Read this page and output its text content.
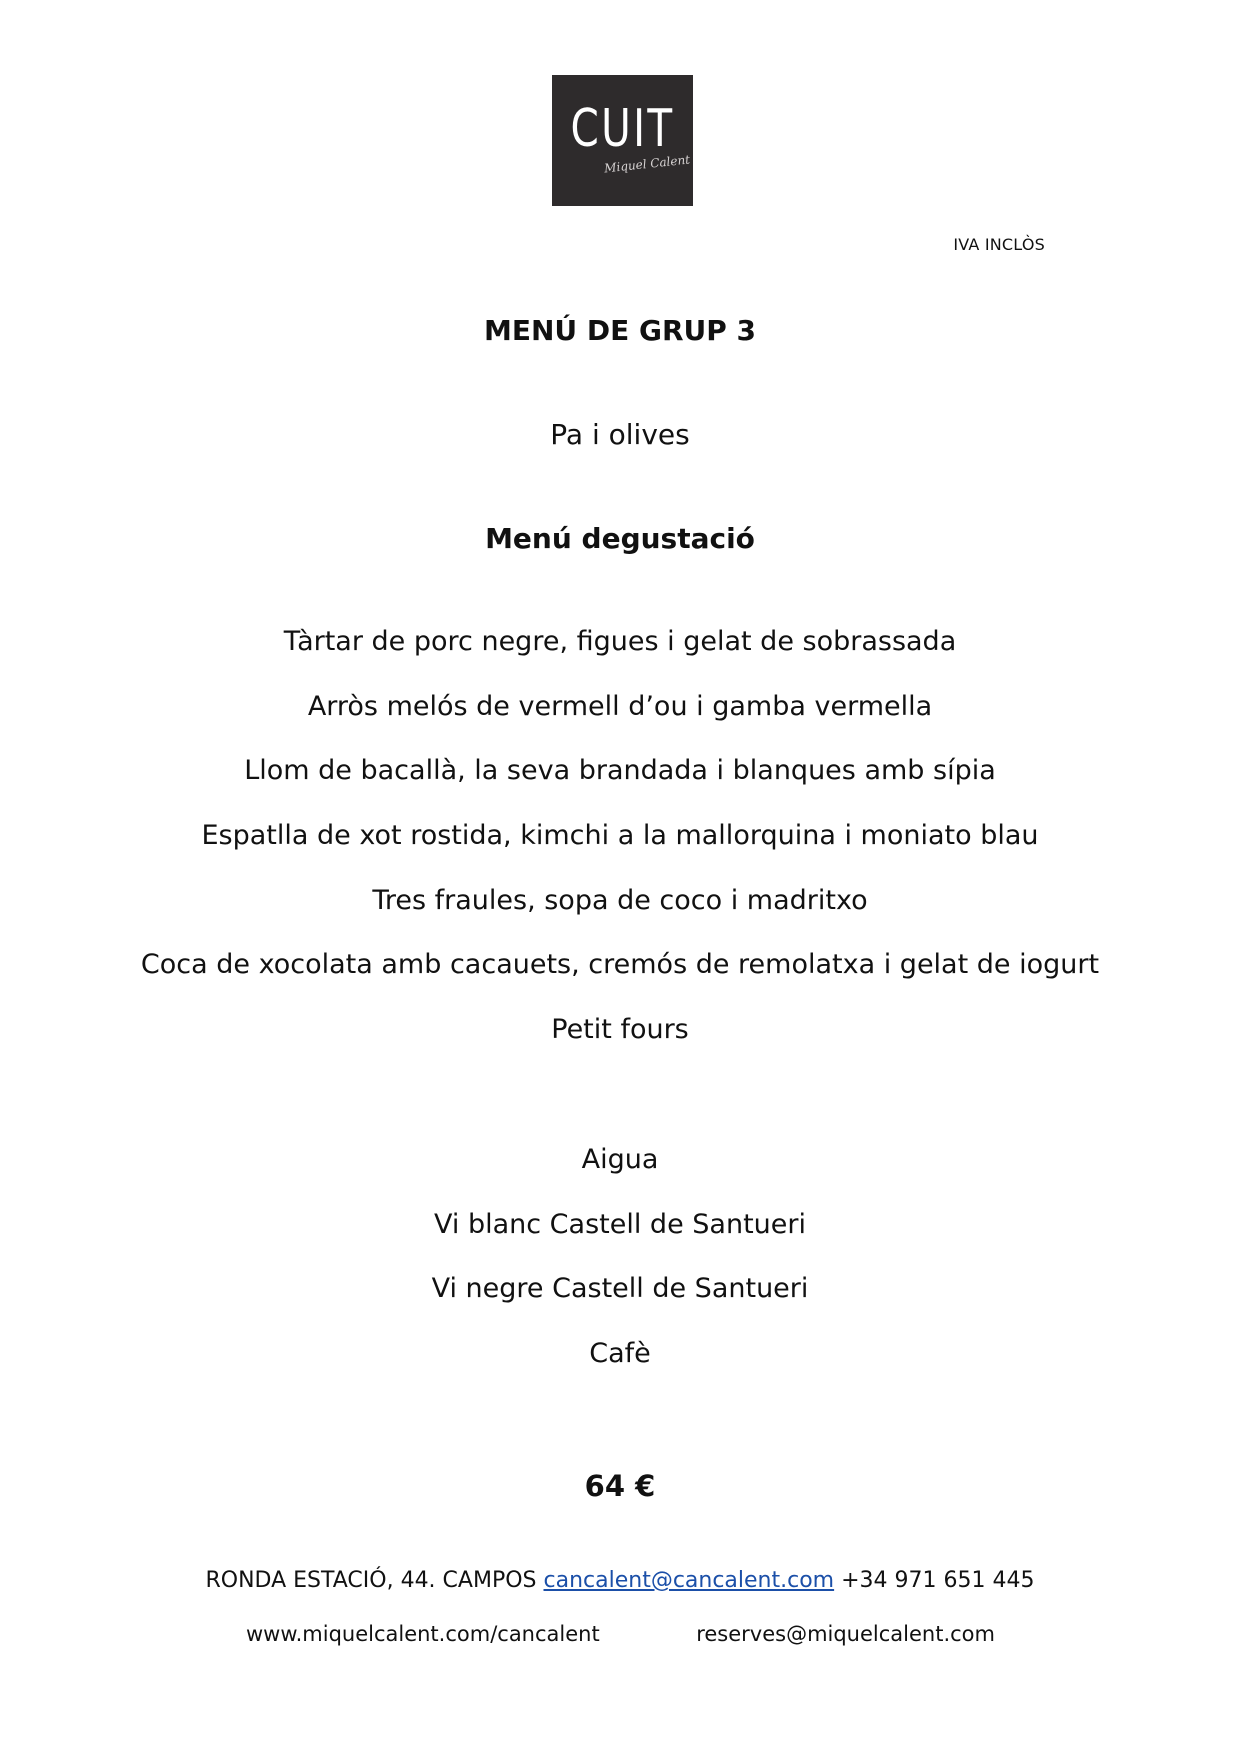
CUIT
Miquel Calent
IVA INCLÒS
MENÚ DE GRUP 3
Pa i olives
Menú degustació
Tàrtar de porc negre, figues i gelat de sobrassada
Arròs melós de vermell d’ou i gamba vermella
Llom de bacallà, la seva brandada i blanques amb sípia
Espatlla de xot rostida, kimchi a la mallorquina i moniato blau
Tres fraules, sopa de coco i madritxo
Coca de xocolata amb cacauets, cremós de remolatxa i gelat de iogurt
Petit fours
Aigua
Vi blanc Castell de Santueri
Vi negre Castell de Santueri
Cafè
64 €
RONDA ESTACIÓ, 44. CAMPOS cancalent@cancalent.com +34 971 651 445
www.miquelcalent.com/cancalent	reserves@miquelcalent.com
